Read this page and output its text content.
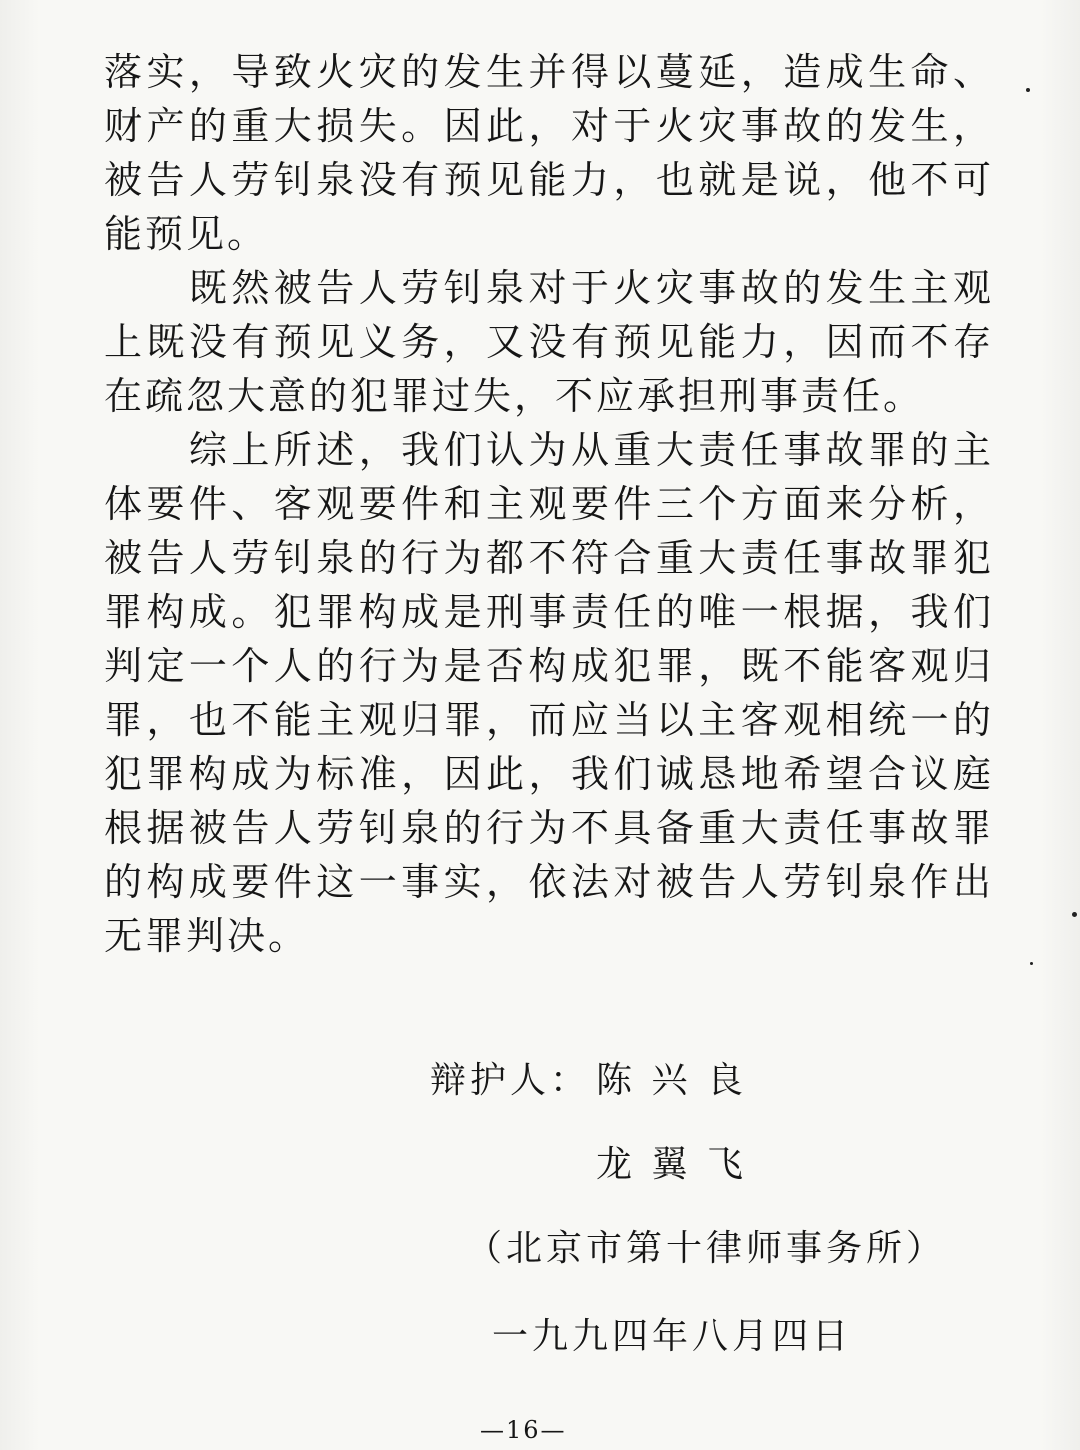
落实，导致火灾的发生并得以蔓延，造成生命、
财产的重大损失。因此，对于火灾事故的发生，
被告人劳钊泉没有预见能力，也就是说，他不可
能预见。
　　既然被告人劳钊泉对于火灾事故的发生主观
上既没有预见义务，又没有预见能力，因而不存
在疏忽大意的犯罪过失，不应承担刑事责任。
　　综上所述，我们认为从重大责任事故罪的主
体要件、客观要件和主观要件三个方面来分析，
被告人劳钊泉的行为都不符合重大责任事故罪犯
罪构成。犯罪构成是刑事责任的唯一根据，我们
判定一个人的行为是否构成犯罪，既不能客观归
罪，也不能主观归罪，而应当以主客观相统一的
犯罪构成为标准，因此，我们诚恳地希望合议庭
根据被告人劳钊泉的行为不具备重大责任事故罪
的构成要件这一事实，依法对被告人劳钊泉作出
无罪判决。
辩护人： 陈 兴 良
龙 翼 飞
（北京市第十律师事务所）
一九九四年八月四日
—16—
